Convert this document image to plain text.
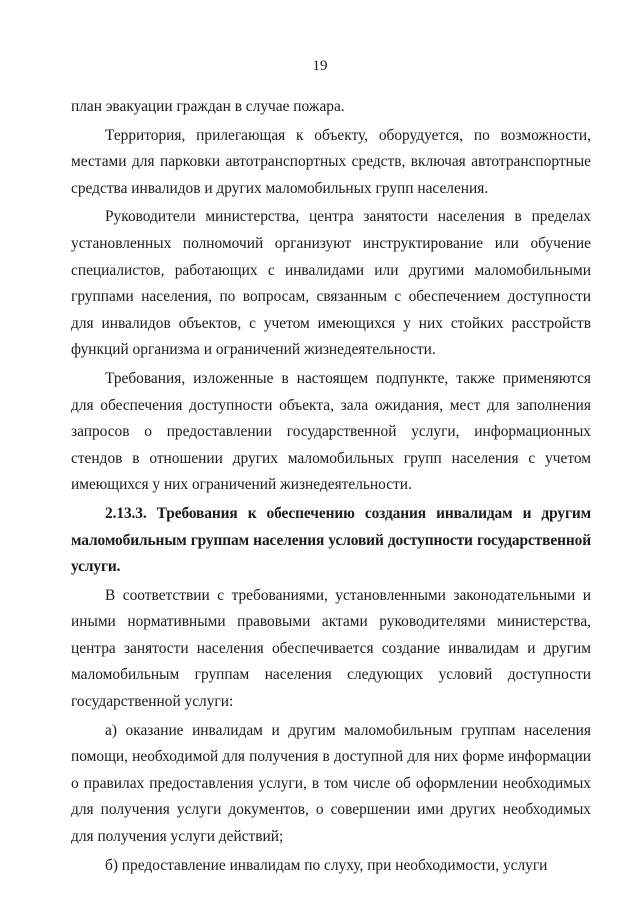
19

план эвакуации граждан в случае пожара.

Территория, прилегающая к объекту, оборудуется, по возможности, местами для парковки автотранспортных средств, включая автотранспортные средства инвалидов и других маломобильных групп населения.

Руководители министерства, центра занятости населения в пределах установленных полномочий организуют инструктирование или обучение специалистов, работающих с инвалидами или другими маломобильными группами населения, по вопросам, связанным с обеспечением доступности для инвалидов объектов, с учетом имеющихся у них стойких расстройств функций организма и ограничений жизнедеятельности.

Требования, изложенные в настоящем подпункте, также применяются для обеспечения доступности объекта, зала ожидания, мест для заполнения запросов о предоставлении государственной услуги, информационных стендов в отношении других маломобильных групп населения с учетом имеющихся у них ограничений жизнедеятельности.

2.13.3. Требования к обеспечению создания инвалидам и другим маломобильным группам населения условий доступности государственной услуги.

В соответствии с требованиями, установленными законодательными и иными нормативными правовыми актами руководителями министерства, центра занятости населения обеспечивается создание инвалидам и другим маломобильным группам населения следующих условий доступности государственной услуги:

а) оказание инвалидам и другим маломобильным группам населения помощи, необходимой для получения в доступной для них форме информации о правилах предоставления услуги, в том числе об оформлении необходимых для получения услуги документов, о совершении ими других необходимых для получения услуги действий;

б) предоставление инвалидам по слуху, при необходимости, услуги
